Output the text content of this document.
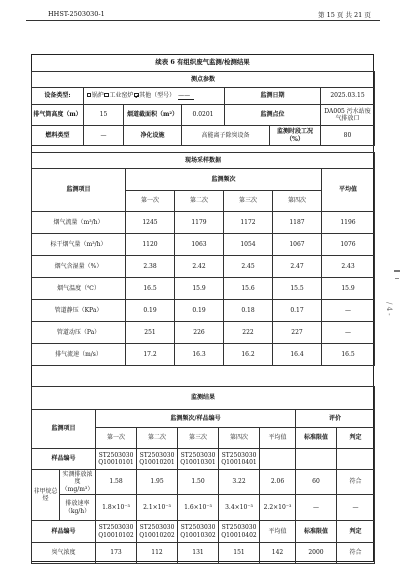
HHST-2503030-1	第 15 页 共 21 页
续表 6 有组织废气监测/检测结果
测点参数						
设备类型:	锅炉 工业窑炉 其他（型号） ——			监测日期		2025.03.15
排气筒高度（m）	15	烟道截面积（m²）	0.0201	监测点位		DA005 污水站废气排放口
燃料类型	—	净化设施	高能离子除臭设备		监测时段工况（%）	80
现场采样数据					
监测项目	监测频次				平均值
	第一次	第二次	第三次	第四次	
烟气流量（m³/h）	1245	1179	1172	1187	1196
标干烟气量（m³/h）	1120	1063	1054	1067	1076
烟气含湿量（%）	2.38	2.42	2.45	2.47	2.43
烟气温度（℃）	16.5	15.9	15.6	15.5	15.9
管道静压（KPa）	0.19	0.19	0.18	0.17	—
管道动压（Pa）	251	226	222	227	—
排气流速（m/s）	17.2	16.3	16.2	16.4	16.5
监测结果								
监测项目		监测频次/样品编号					评价	
		第一次	第二次	第三次	第四次	平均值	标准限值	判定
样品编号		ST2503030 Q10010101	ST2503030 Q10010201	ST2503030 Q10010301	ST2503030 Q10010401			
非甲烷总烃	实测排放浓度（mg/m³）	1.58	1.95	1.50	3.22	2.06	60	符合
	排放速率（kg/h）	1.8×10⁻³	2.1×10⁻³	1.6×10⁻³	3.4×10⁻³	2.2×10⁻³	—	—
样品编号		ST2503030 Q10010102	ST2503030 Q10010202	ST2503030 Q10010302	ST2503030 Q10010402	平均值	标准限值	判定
臭气浓度		173	112	131	151	142	2000	符合
/ 4 -
